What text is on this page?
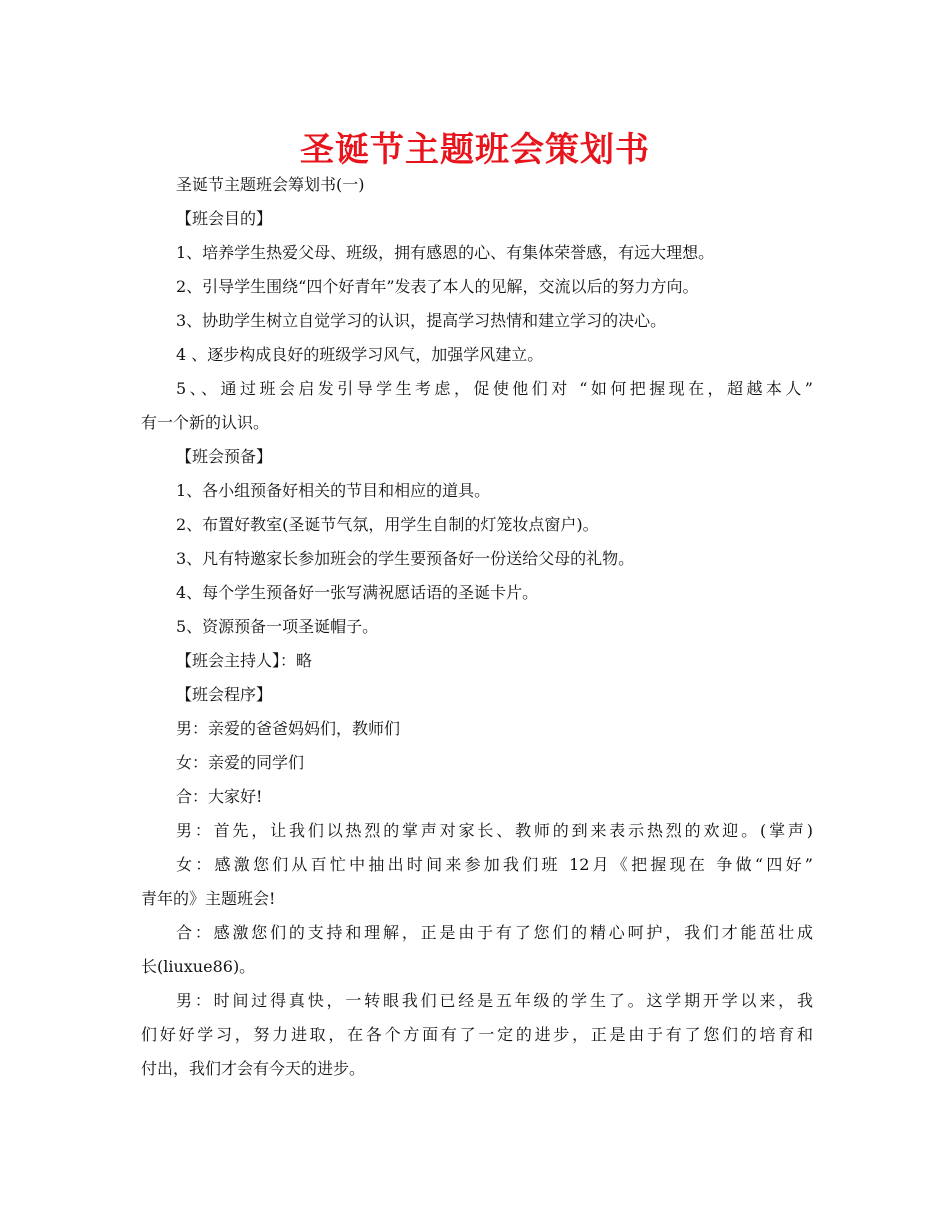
圣诞节主题班会策划书

圣诞节主题班会筹划书(一)

【班会目的】

1、培养学生热爱父母、班级，拥有感恩的心、有集体荣誉感，有远大理想。

2、引导学生围绕“四个好青年”发表了本人的见解，交流以后的努力方向。

3、协助学生树立自觉学习的认识，提高学习热情和建立学习的决心。

4 、逐步构成良好的班级学习风气，加强学风建立。

5、、通过班会启发引导学生考虑，促使他们对 “如何把握现在，超越本人”

有一个新的认识。

【班会预备】

1、各小组预备好相关的节目和相应的道具。

2、布置好教室(圣诞节气氛，用学生自制的灯笼妆点窗户)。

3、凡有特邀家长参加班会的学生要预备好一份送给父母的礼物。

4、每个学生预备好一张写满祝愿话语的圣诞卡片。

5、资源预备一项圣诞帽子。

【班会主持人】：略

【班会程序】

男：亲爱的爸爸妈妈们，教师们

女：亲爱的同学们

合：大家好!

男：首先，让我们以热烈的掌声对家长、教师的到来表示热烈的欢迎。(掌声)

女：感激您们从百忙中抽出时间来参加我们班 12月《把握现在 争做“四好”

青年的》主题班会!

合：感激您们的支持和理解，正是由于有了您们的精心呵护，我们才能茁壮成

长(liuxue86)。

男：时间过得真快，一转眼我们已经是五年级的学生了。这学期开学以来，我

们好好学习，努力进取，在各个方面有了一定的进步，正是由于有了您们的培育和

付出，我们才会有今天的进步。
